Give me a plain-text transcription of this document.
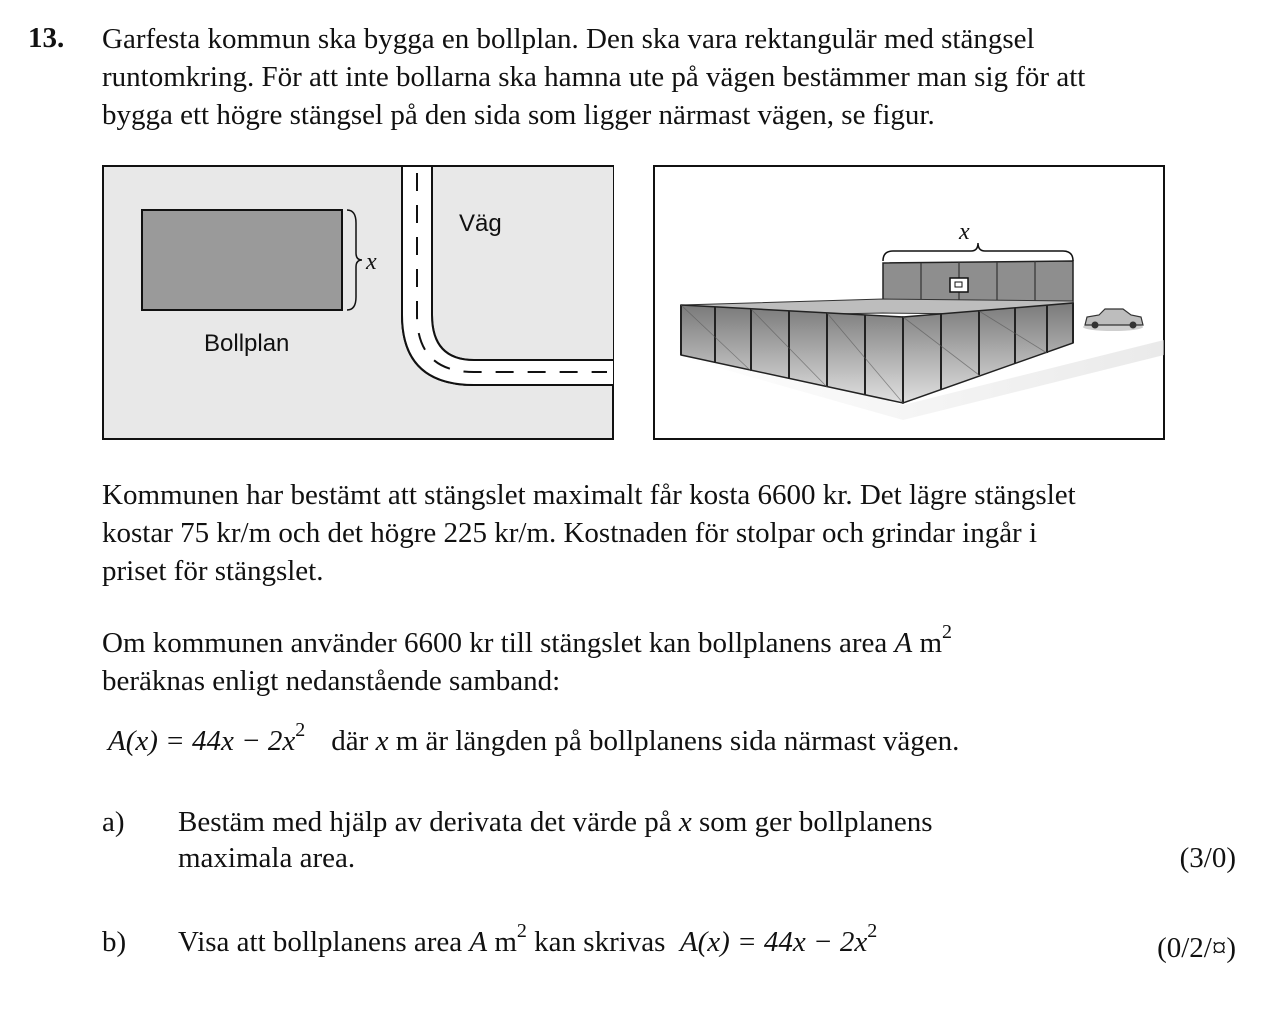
13. Garfesta kommun ska bygga en bollplan. Den ska vara rektangulär med stängsel
runtomkring. För att inte bollarna ska hamna ute på vägen bestämmer man sig för att
bygga ett högre stängsel på den sida som ligger närmast vägen, se figur.
x
Väg
Bollplan
x
Kommunen har bestämt att stängslet maximalt får kosta 6600 kr. Det lägre stängslet
kostar 75 kr/m och det högre 225 kr/m. Kostnaden för stolpar och grindar ingår i
priset för stängslet.
Om kommunen använder 6600 kr till stängslet kan bollplanens area A $m^2$
beräknas enligt nedanstående samband:
$A(x) = 44x - 2x^2$ där x m är längden på bollplanens sida närmast vägen.
a) Bestäm med hjälp av derivata det värde på x som ger bollplanens
maximala area.	(3/0)
b) Visa att bollplanens area A $m^2$ kan skrivas  $A(x) = 44x - 2x^2$
(0/2/¤)
